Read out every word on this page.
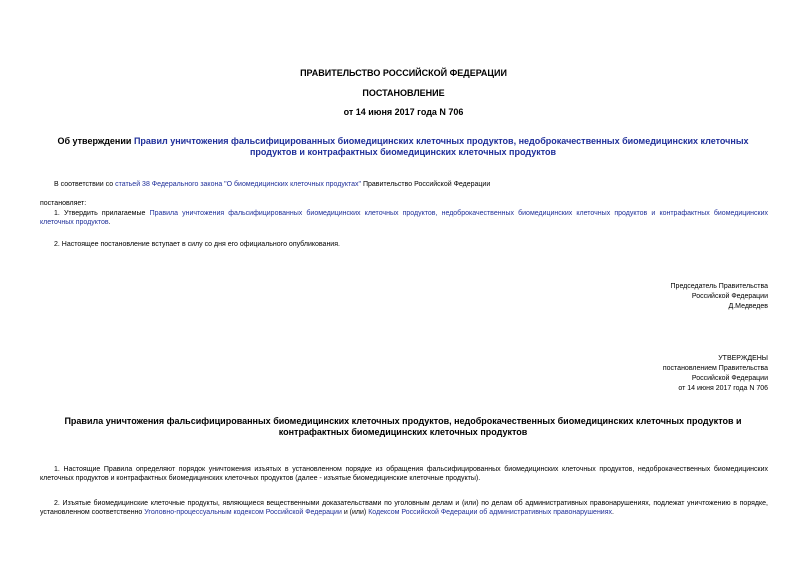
ПРАВИТЕЛЬСТВО РОССИЙСКОЙ ФЕДЕРАЦИИ
ПОСТАНОВЛЕНИЕ
от 14 июня 2017 года N 706
Об утверждении Правил уничтожения фальсифицированных биомедицинских клеточных продуктов, недоброкачественных биомедицинских клеточных продуктов и контрафактных биомедицинских клеточных продуктов
В соответствии со статьей 38 Федерального закона "О биомедицинских клеточных продуктах" Правительство Российской Федерации
постановляет:
1. Утвердить прилагаемые Правила уничтожения фальсифицированных биомедицинских клеточных продуктов, недоброкачественных биомедицинских клеточных продуктов и контрафактных биомедицинских клеточных продуктов.
2. Настоящее постановление вступает в силу со дня его официального опубликования.
Председатель Правительства
Российской Федерации
Д.Медведев
УТВЕРЖДЕНЫ
постановлением Правительства
Российской Федерации
от 14 июня 2017 года N 706
Правила уничтожения фальсифицированных биомедицинских клеточных продуктов, недоброкачественных биомедицинских клеточных продуктов и контрафактных биомедицинских клеточных продуктов
1. Настоящие Правила определяют порядок уничтожения изъятых в установленном порядке из обращения фальсифицированных биомедицинских клеточных продуктов, недоброкачественных биомедицинских клеточных продуктов и контрафактных биомедицинских клеточных продуктов (далее - изъятые биомедицинские клеточные продукты).
2. Изъятые биомедицинские клеточные продукты, являющиеся вещественными доказательствами по уголовным делам и (или) по делам об административных правонарушениях, подлежат уничтожению в порядке, установленном соответственно Уголовно-процессуальным кодексом Российской Федерации и (или) Кодексом Российской Федерации об административных правонарушениях.
